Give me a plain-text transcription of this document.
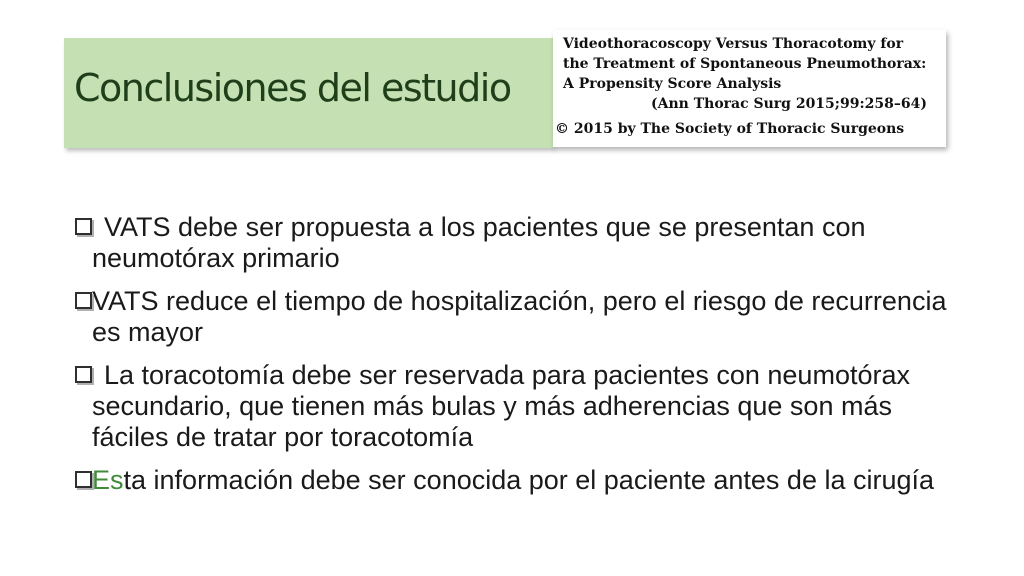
Conclusiones del estudio
Videothoracoscopy Versus Thoracotomy for
the Treatment of Spontaneous Pneumothorax:
A Propensity Score Analysis
(Ann Thorac Surg 2015;99:258–64)
© 2015 by The Society of Thoracic Surgeons
VATS debe ser propuesta a los pacientes que se presentan con neumotórax primario
VATS reduce el tiempo de hospitalización, pero el riesgo de recurrencia es mayor
La toracotomía debe ser reservada para pacientes con neumotórax secundario, que tienen más bulas y más adherencias que son más fáciles de tratar por toracotomía
Esta información debe ser conocida por el paciente antes de la cirugía
